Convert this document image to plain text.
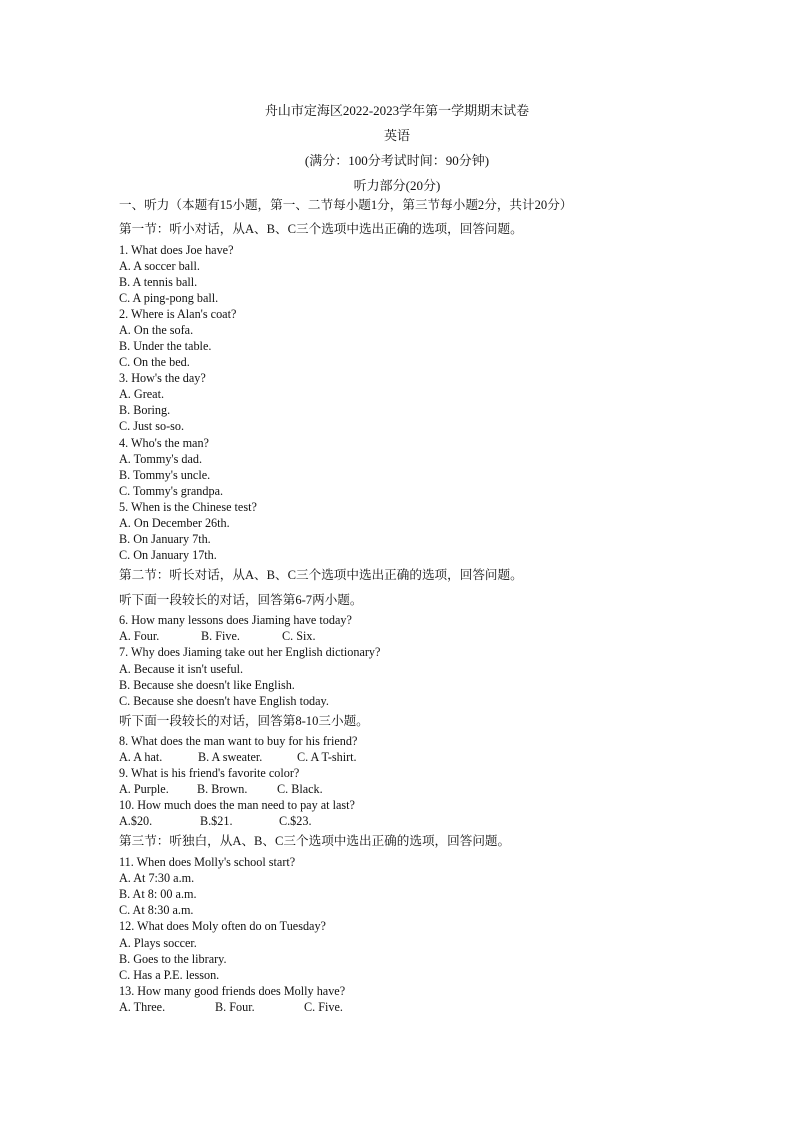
舟山市定海区2022-2023学年第一学期期末试卷
英语
(满分：100分考试时间：90分钟)
听力部分(20分)
一、听力（本题有15小题，第一、二节每小题1分，第三节每小题2分，共计20分）
第一节：听小对话，从A、B、C三个选项中选出正确的选项，回答问题。
1. What does Joe have?
A. A soccer ball.
B. A tennis ball.
C. A ping-pong ball.
2. Where is Alan's coat?
A. On the sofa.
B. Under the table.
C. On the bed.
3. How's the day?
A. Great.
B. Boring.
C. Just so-so.
4. Who's the man?
A. Tommy's dad.
B. Tommy's uncle.
C. Tommy's grandpa.
5. When is the Chinese test?
A. On December 26th.
B. On January 7th.
C. On January 17th.
第二节：听长对话，从A、B、C三个选项中选出正确的选项，回答问题。
听下面一段较长的对话，回答第6-7两小题。
6. How many lessons does Jiaming have today?
A. Four.	B. Five.	C. Six.
7. Why does Jiaming take out her English dictionary?
A. Because it isn't useful.
B. Because she doesn't like English.
C. Because she doesn't have English today.
听下面一段较长的对话，回答第8-10三小题。
8. What does the man want to buy for his friend?
A. A hat.	B. A sweater.	C. A T-shirt.
9. What is his friend's favorite color?
A. Purple. B. Brown. C. Black.
10. How much does the man need to pay at last?
A.$20.	B.$21.	C.$23.
第三节：听独白，从A、B、C三个选项中选出正确的选项，回答问题。
11. When does Molly's school start?
A. At 7:30 a.m.
B. At 8: 00 a.m.
C. At 8:30 a.m.
12. What does Moly often do on Tuesday?
A. Plays soccer.
B. Goes to the library.
C. Has a P.E. lesson.
13. How many good friends does Molly have?
A. Three.	B. Four.	C. Five.
